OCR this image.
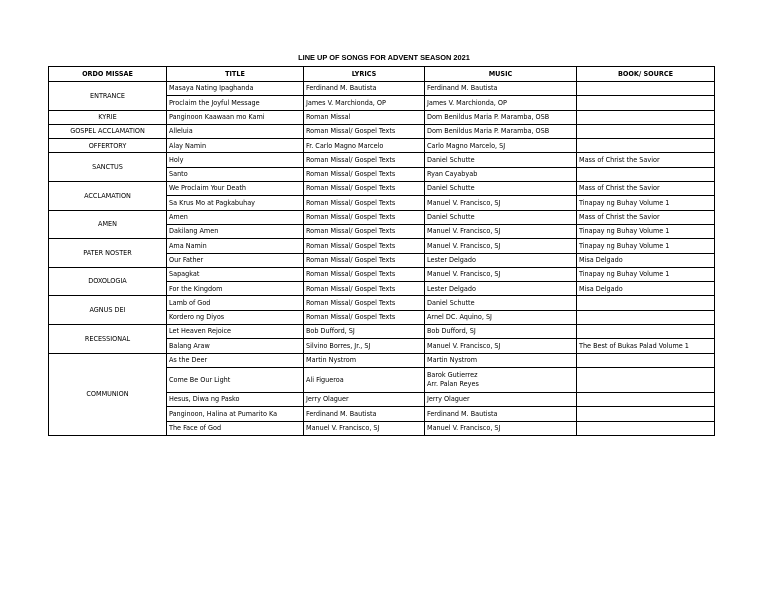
LINE UP OF SONGS FOR ADVENT SEASON 2021
ORDO MISSAE	TITLE	LYRICS	MUSIC	BOOK/ SOURCE
ENTRANCE	Masaya Nating Ipaghanda	Ferdinand M. Bautista	Ferdinand M. Bautista	

	Proclaim the Joyful Message	James V. Marchionda, OP	James V. Marchionda, OP	

KYRIE	Panginoon Kaawaan mo Kami	Roman Missal	Dom Benildus Maria P. Maramba, OSB	

GOSPEL ACCLAMATION	Alleluia	Roman Missal/ Gospel Texts	Dom Benildus Maria P. Maramba, OSB	

OFFERTORY	Alay Namin	Fr. Carlo Magno Marcelo	Carlo Magno Marcelo, SJ	

SANCTUS	Holy	Roman Missal/ Gospel Texts	Daniel Schutte	Mass of Christ the Savior
	Santo	Roman Missal/ Gospel Texts	Ryan Cayabyab	

ACCLAMATION	We Proclaim Your Death	Roman Missal/ Gospel Texts	Daniel Schutte	Mass of Christ the Savior
	Sa Krus Mo at Pagkabuhay	Roman Missal/ Gospel Texts	Manuel V. Francisco, SJ	Tinapay ng Buhay Volume 1
AMEN	Amen	Roman Missal/ Gospel Texts	Daniel Schutte	Mass of Christ the Savior
	Dakilang Amen	Roman Missal/ Gospel Texts	Manuel V. Francisco, SJ	Tinapay ng Buhay Volume 1
PATER NOSTER	Ama Namin	Roman Missal/ Gospel Texts	Manuel V. Francisco, SJ	Tinapay ng Buhay Volume 1
	Our Father	Roman Missal/ Gospel Texts	Lester Delgado	Misa Delgado
DOXOLOGIA	Sapagkat	Roman Missal/ Gospel Texts	Manuel V. Francisco, SJ	Tinapay ng Buhay Volume 1
	For the Kingdom	Roman Missal/ Gospel Texts	Lester Delgado	Misa Delgado
AGNUS DEI	Lamb of God	Roman Missal/ Gospel Texts	Daniel Schutte	

	Kordero ng Diyos	Roman Missal/ Gospel Texts	Arnel DC. Aquino, SJ	

RECESSIONAL	Let Heaven Rejoice	Bob Dufford, SJ	Bob Dufford, SJ	

	Balang Araw	Silvino Borres, Jr., SJ	Manuel V. Francisco, SJ	The Best of Bukas Palad Volume 1
COMMUNION	As the Deer	Martin Nystrom	Martin Nystrom	

	Come Be Our Light	Ali Figueroa	Barok Gutierrez
Arr. Palan Reyes	

	Hesus, Diwa ng Pasko	Jerry Olaguer	Jerry Olaguer	

	Panginoon, Halina at Pumarito Ka	Ferdinand M. Bautista	Ferdinand M. Bautista	

	The Face of God	Manuel V. Francisco, SJ	Manuel V. Francisco, SJ	
